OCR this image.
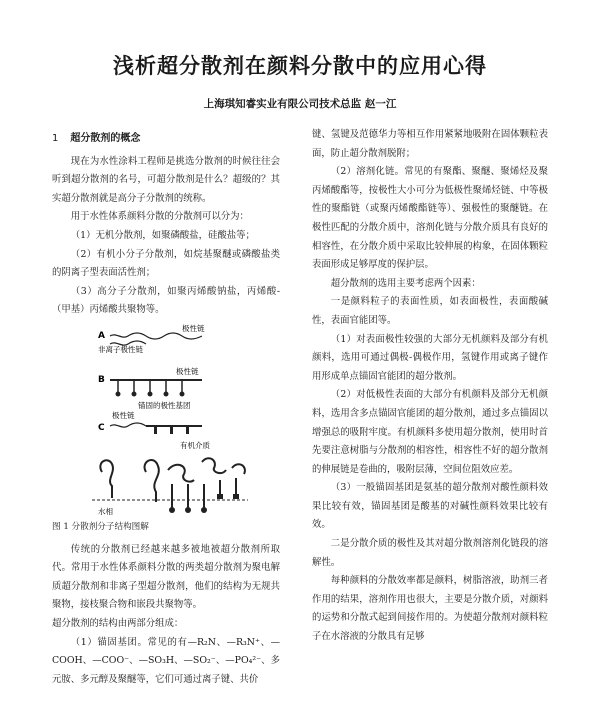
浅析超分散剂在颜料分散中的应用心得
上海琪知睿实业有限公司技术总监 赵一江

1 超分散剂的概念

现在为水性涂料工程师是挑选分散剂的时候往往会听到超分散剂的名号，可超分散剂是什么？超级的？其实超分散剂就是高分子分散剂的统称。

用于水性体系颜料分散的分散剂可以分为：

（1）无机分散剂，如聚磷酸盐，硅酸盐等；

（2）有机小分子分散剂，如烷基聚醚或磷酸盐类的阴离子型表面活性剂；

（3）高分子分散剂，如聚丙烯酸钠盐，丙烯酸-（甲基）丙烯酸共聚物等。

A
极性链
非离子极性链
B
极性链
锚固的极性基团
C
极性链
有机介质
水相

图 1 分散剂分子结构图解

传统的分散剂已经越来越多被地被超分散剂所取代。常用于水性体系颜料分散的两类超分散剂为聚电解质超分散剂和非离子型超分散剂，他们的结构为无规共聚物，接枝聚合物和嵌段共聚物等。

超分散剂的结构由两部分组成：

（1）锚固基团。常见的有—R₂N、—R₃N⁺、—COOH、—COO⁻、—SO₃H、—SO₂⁻、—PO₄²⁻、多元胺、多元醇及聚醚等，它们可通过离子键、共价

键、氢键及范德华力等相互作用紧紧地吸附在固体颗粒表面，防止超分散剂脱附；

（2）溶剂化链。常见的有聚酯、聚醚、聚烯烃及聚丙烯酸酯等，按极性大小可分为低极性聚烯烃链、中等极性的聚酯链（或聚丙烯酸酯链等）、强极性的聚醚链。在极性匹配的分散介质中，溶剂化链与分散介质具有良好的相容性，在分散介质中采取比较伸展的构象，在固体颗粒表面形成足够厚度的保护层。

超分散剂的选用主要考虑两个因素：

一是颜料粒子的表面性质，如表面极性，表面酸碱性，表面官能团等。

（1）对表面极性较强的大部分无机颜料及部分有机颜料，选用可通过偶极-偶极作用，氢键作用或离子键作用形成单点锚固官能团的超分散剂。

（2）对低极性表面的大部分有机颜料及部分无机颜料，选用含多点锚固官能团的超分散剂，通过多点锚固以增强总的吸附牢度。有机颜料多使用超分散剂，使用时首先要注意树脂与分散剂的相容性，相容性不好的超分散剂的伸展链是卷曲的，吸附层薄，空间位阻效应差。

（3）一般锚固基团是氨基的超分散剂对酸性颜料效果比较有效，锚固基团是酸基的对碱性颜料效果比较有效。

二是分散介质的极性及其对超分散剂溶剂化链段的溶解性。

每种颜料的分散效率都是颜料，树脂溶液，助剂三者作用的结果，溶剂作用也很大，主要是分散介质，对颜料的运势和分散式起到间接作用的。为使超分散剂对颜料粒子在水溶液的分散具有足够
